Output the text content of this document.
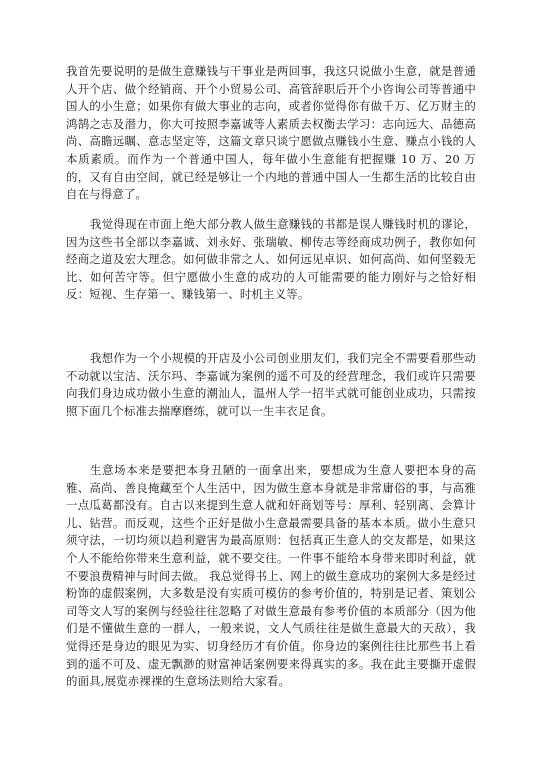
我首先要说明的是做生意赚钱与干事业是两回事，我这只说做小生意，就是普通人开个店、做个经销商、开个小贸易公司、高管辞职后开个小咨询公司等普通中国人的小生意；如果你有做大事业的志向，或者你觉得你有做千万、亿万财主的鸿鹄之志及潜力，你大可按照李嘉诚等人素质去权衡去学习：志向远大、品德高尚、高瞻远瞩、意志坚定等，这篇文章只谈宁愿做点赚钱小生意、赚点小钱的人本质素质。而作为一个普通中国人，每年做小生意能有把握赚 10 万、20 万的，又有自由空间，就已经是够让一个内地的普通中国人一生都生活的比较自由自在与得意了。

我觉得现在市面上绝大部分教人做生意赚钱的书都是误人赚钱时机的谬论，因为这些书全部以李嘉诚、刘永好、张瑞敏、柳传志等经商成功例子，教你如何经商之道及宏大理念。如何做非常之人、如何远见卓识、如何高尚、如何坚毅无比、如何苦守等。但宁愿做小生意的成功的人可能需要的能力刚好与之恰好相反：短视、生存第一、赚钱第一、时机主义等。

我想作为一个小规模的开店及小公司创业朋友们，我们完全不需要看那些动不动就以宝洁、沃尔玛、李嘉诚为案例的遥不可及的经营理念，我们或许只需要向我们身边成功做小生意的潮汕人，温州人学一招半式就可能创业成功，只需按照下面几个标准去揣摩磨练，就可以一生丰衣足食。

生意场本来是要把本身丑陋的一面拿出来，要想成为生意人要把本身的高雅、高尚、善良掩藏至个人生活中，因为做生意本身就是非常庸俗的事，与高雅一点瓜葛都没有。自古以来提到生意人就和奸商划等号：厚利、轻别离、会算计儿、钻营。而反观，这些个正好是做小生意最需要具备的基本本质。做小生意只须守法，一切均须以趋利避害为最高原则：包括真正生意人的交友都是，如果这个人不能给你带来生意利益，就不要交往。一件事不能给本身带来即时利益，就不要浪费精神与时间去做。 我总觉得书上、网上的做生意成功的案例大多是经过粉饰的虚假案例，大多数是没有实质可模仿的参考价值的，特别是记者、策划公司等文人写的案例与经验往往忽略了对做生意最有参考价值的本质部分（因为他们是不懂做生意的一群人，一般来说，文人气质往往是做生意最大的天敌），我觉得还是身边的眼见为实、切身经历才有价值。你身边的案例往往比那些书上看到的遥不可及、虚无飘渺的财富神话案例要来得真实的多。我在此主要撕开虚假的面具,展览赤裸裸的生意场法则给大家看。
